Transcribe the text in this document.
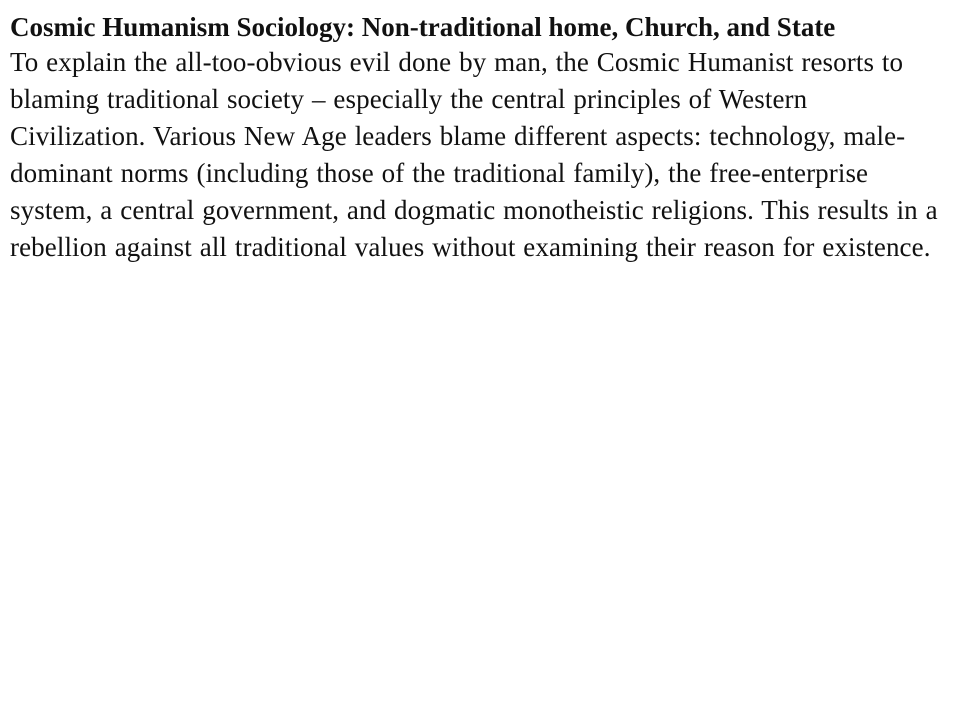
Cosmic Humanism Sociology: Non-traditional home, Church, and State

To explain the all-too-obvious evil done by man, the Cosmic Humanist resorts to blaming traditional society – especially the central principles of Western Civilization. Various New Age leaders blame different aspects: technology, male-dominant norms (including those of the traditional family), the free-enterprise system, a central government, and dogmatic monotheistic religions. This results in a rebellion against all traditional values without examining their reason for existence.
